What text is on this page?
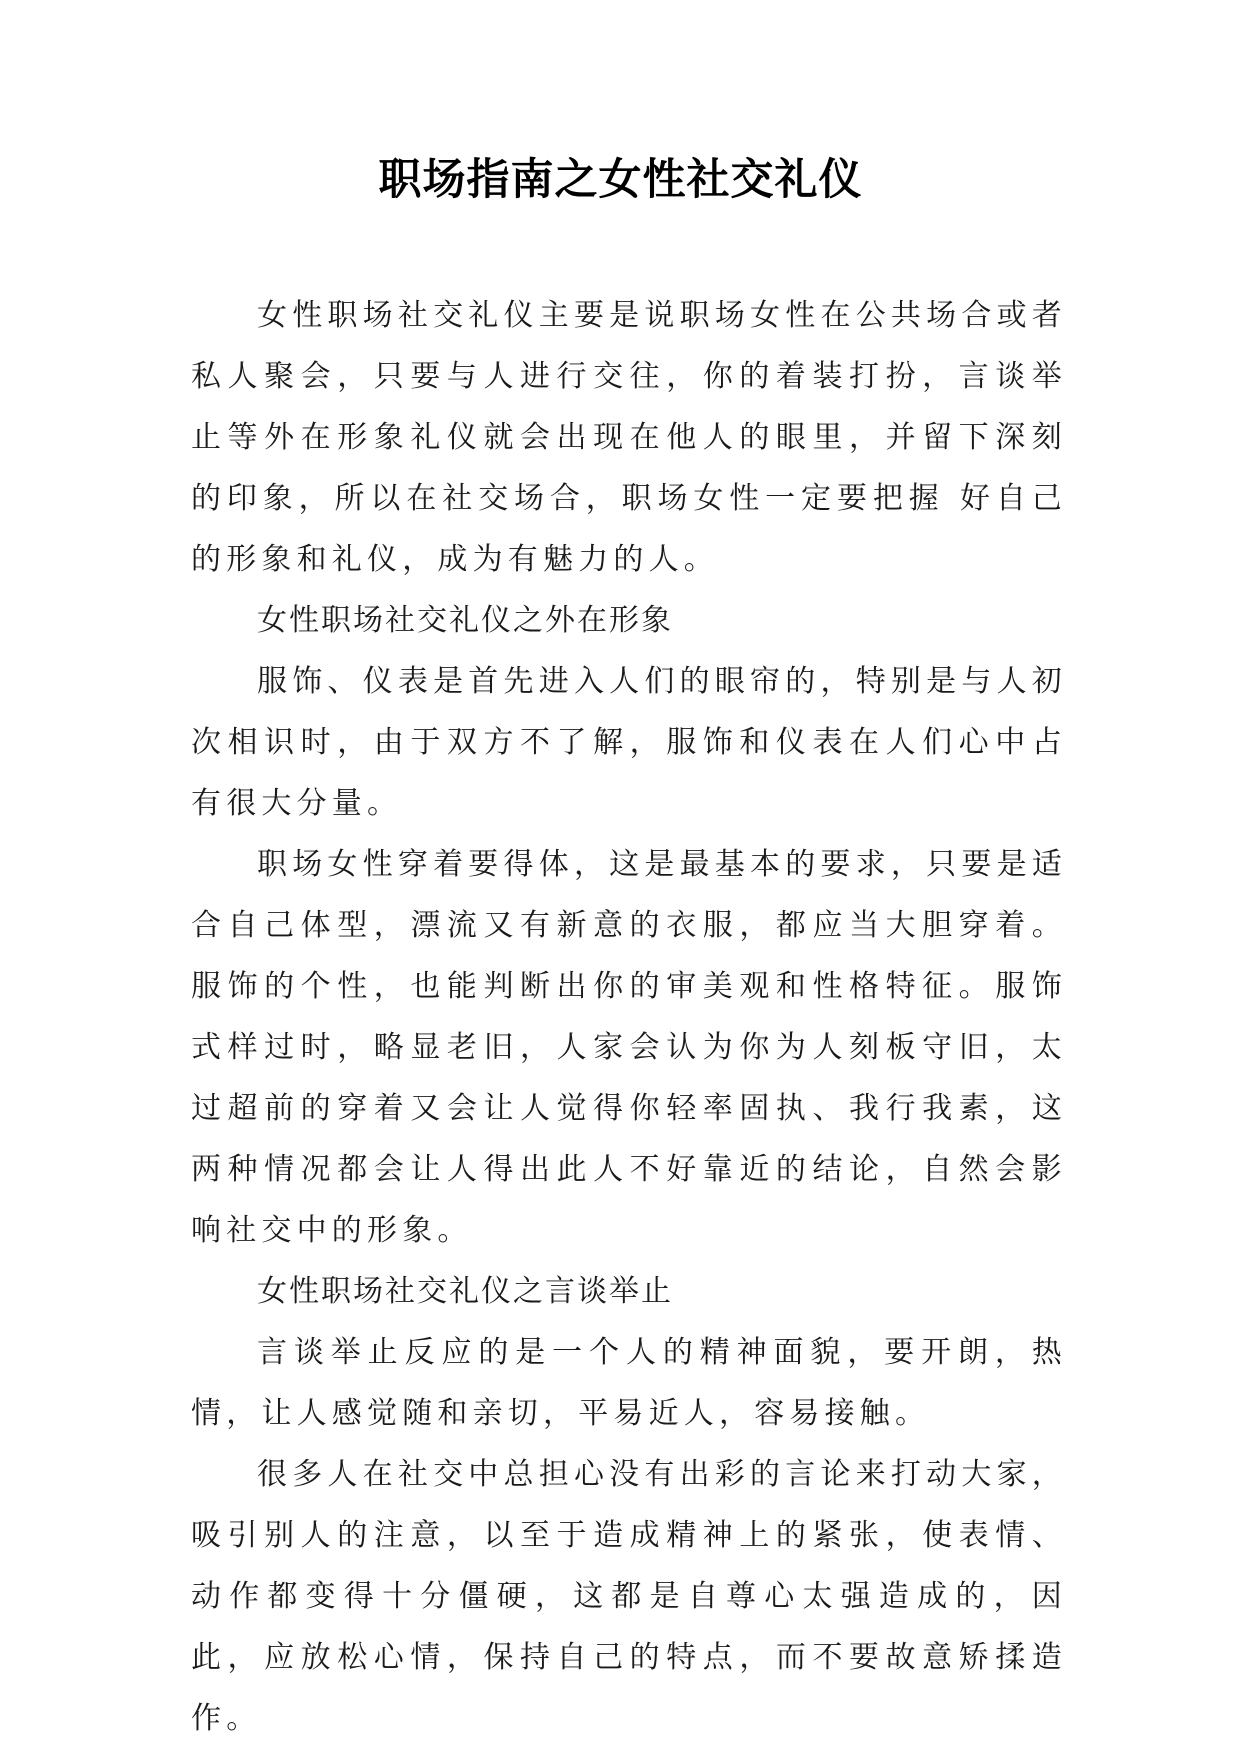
职场指南之女性社交礼仪

女性职场社交礼仪主要是说职场女性在公共场合或者私人聚会，只要与人进行交往，你的着装打扮，言谈举止等外在形象礼仪就会出现在他人的眼里，并留下深刻的印象，所以在社交场合，职场女性一定要把握 好自己的形象和礼仪，成为有魅力的人。

女性职场社交礼仪之外在形象

服饰、仪表是首先进入人们的眼帘的，特别是与人初次相识时，由于双方不了解，服饰和仪表在人们心中占有很大分量。

职场女性穿着要得体，这是最基本的要求，只要是适合自己体型，漂流又有新意的衣服，都应当大胆穿着。服饰的个性，也能判断出你的审美观和性格特征。服饰式样过时，略显老旧，人家会认为你为人刻板守旧，太过超前的穿着又会让人觉得你轻率固执、我行我素，这两种情况都会让人得出此人不好靠近的结论，自然会影响社交中的形象。

女性职场社交礼仪之言谈举止

言谈举止反应的是一个人的精神面貌，要开朗，热情，让人感觉随和亲切，平易近人，容易接触。

很多人在社交中总担心没有出彩的言论来打动大家，吸引别人的注意，以至于造成精神上的紧张，使表情、动作都变得十分僵硬，这都是自尊心太强造成的，因此，应放松心情，保持自己的特点，而不要故意矫揉造作。
